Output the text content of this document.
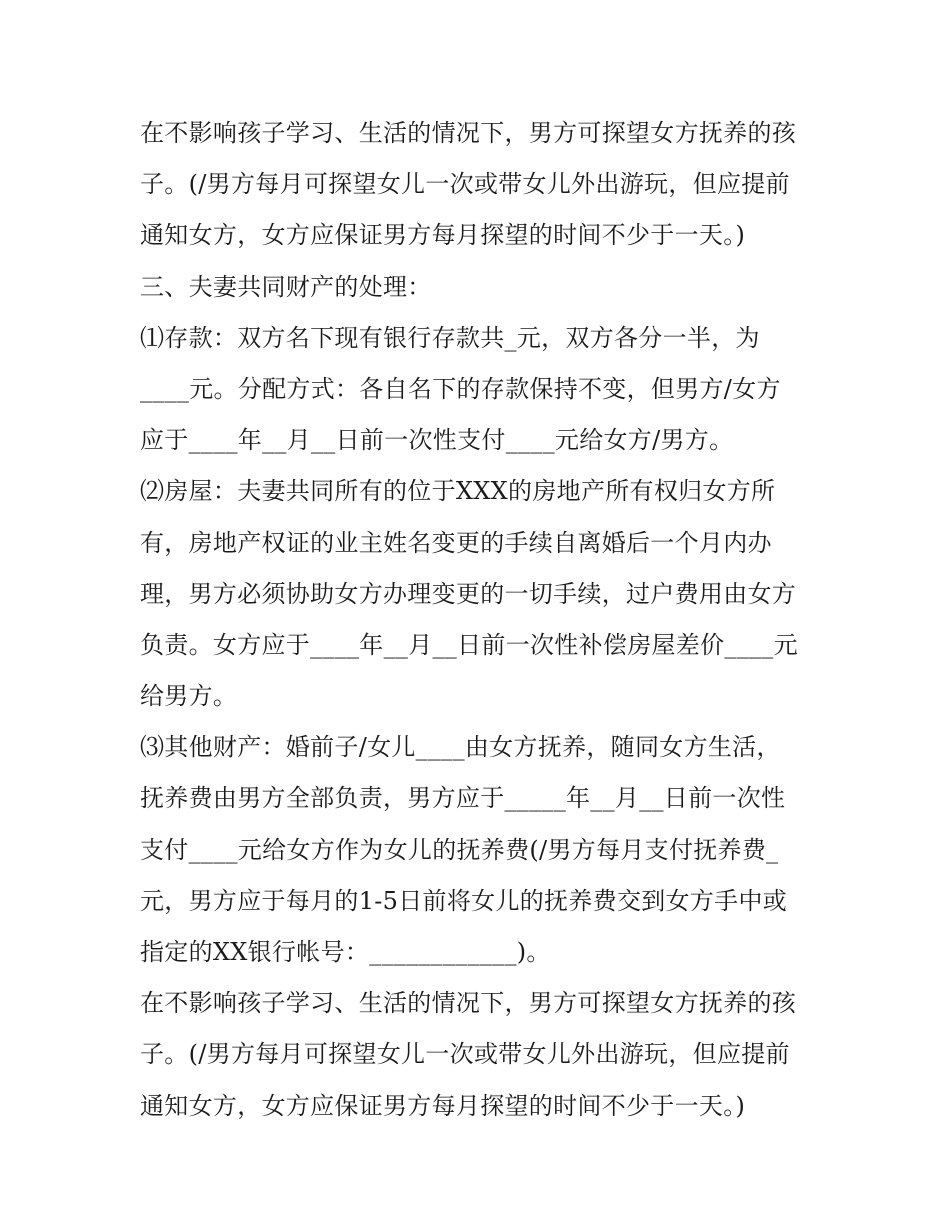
在不影响孩子学习、生活的情况下，男方可探望女方抚养的孩
子。(/男方每月可探望女儿一次或带女儿外出游玩，但应提前
通知女方，女方应保证男方每月探望的时间不少于一天。)
三、夫妻共同财产的处理：
⑴存款：双方名下现有银行存款共_元，双方各分一半，为
____元。分配方式：各自名下的存款保持不变，但男方/女方
应于____年__月__日前一次性支付____元给女方/男方。
⑵房屋：夫妻共同所有的位于XXX的房地产所有权归女方所
有，房地产权证的业主姓名变更的手续自离婚后一个月内办
理，男方必须协助女方办理变更的一切手续，过户费用由女方
负责。女方应于____年__月__日前一次性补偿房屋差价____元
给男方。
⑶其他财产：婚前子/女儿____由女方抚养，随同女方生活，
抚养费由男方全部负责，男方应于_____年__月__日前一次性
支付____元给女方作为女儿的抚养费(/男方每月支付抚养费_
元，男方应于每月的1-5日前将女儿的抚养费交到女方手中或
指定的XX银行帐号：____________)。
在不影响孩子学习、生活的情况下，男方可探望女方抚养的孩
子。(/男方每月可探望女儿一次或带女儿外出游玩，但应提前
通知女方，女方应保证男方每月探望的时间不少于一天。)
